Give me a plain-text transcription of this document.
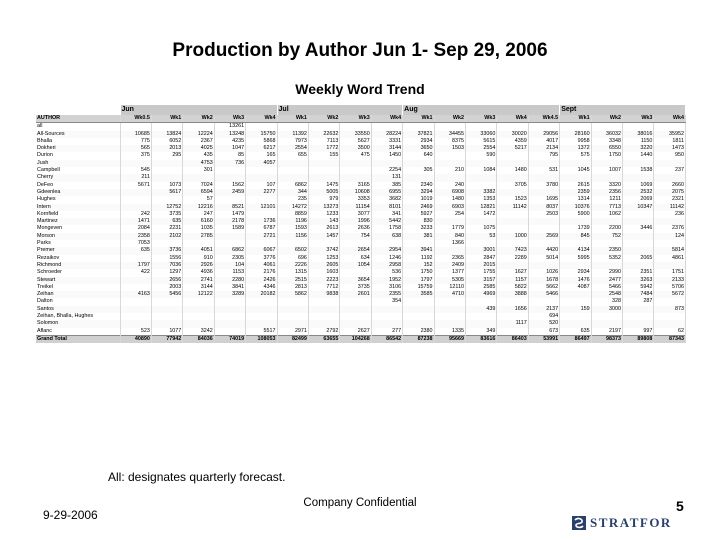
Production by Author Jun 1- Sep 29, 2006
Weekly Word Trend
	Jun					Jul				Aug					Sept			
AUTHOR	Wk0.5	Wk1	Wk2	Wk3	Wk4	Wk1	Wk2	Wk3	Wk4	Wk1	Wk2	Wk3	Wk4	Wk4.5	Wk1	Wk2	Wk3	Wk4
all				13261														
All-Sources	10685	13824	12224	13248	15750	11392	22632	33550	28224	37821	34455	33060	30020	29056	28160	36032	38016	35952
Bhalla	775	6052	2367	4235	5868	7973	7113	5627	3331	2934	8375	5615	4359	4017	9958	3348	1150	1811
Dokheri	565	2013	4025	1047	6217	2554	1772	3500	3144	3650	1503	2554	5217	2134	1372	6550	3220	1473
Durion	375	295	435	85	165	655	155	475	1450	640		590		795	575	1750	1440	950
Jush			4753	736	4057													
Campbell	545		301						2254	305	210	1084	1480	531	1045	1007	1538	237
Cherry	211								131									
DeFeo	5671	1073	7024	1562	107	6862	1475	3165	385	2340	240		3705	3780	2615	3320	1069	2660
Gdeenlea		5617	6594	2459	2277	344	5005	10608	6955	3294	6908	3382			2359	2356	2532	2075
Hughes			57			235	979	3353	3682	1019	1480	1353	1523	1695	1314	1211	2069	2321
Intern		12752	12216	8521	12101	14272	13273	11154	8101	2469	6903	12821	11142	8037	10376	7713	10347	11142
Kornfield	242	3735	247	1479		8859	1233	3077	341	5927	254	1472		2503	5900	1062		236
Martinez	1471	635	6160	2178	1736	1196	143	1996	5442	830								
Mongeven	2084	2231	1035	1589	6787	1593	2613	2636	1758	3233	1779	1075			1739	2200	3446	2376
Morson	2358	2102	2785		2721	1156	1457	754	638	381	840	53	1000	2569	845	752		124
Parks	7053										1366							
Premer	635	3736	4051	6862	6067	6502	3742	2654	2954	3941		3001	7423	4420	4134	2350		5814
Rezaikov		1556	910	2305	3776	696	1253	634	1246	1192	2365	2847	2289	5014	5995	5352	2065	4861
Richmond	1797	7036	2926	104	4061	2226	2605	1054	2958	152	2409	2015						
Schroeder	422	1297	4936	1153	2176	1315	1603		536	1750	1377	1755	1627	1026	2934	2990	2351	1751
Stewart		2656	2741	2280	2426	2515	2223	3654	1952	1797	5305	3157	1157	1678	1476	2477	3263	2133
Treikel		2003	3144	3841	4346	2813	7712	3735	3106	15759	12110	2585	5822	5662	4087	5466	5942	5706
Zeihan	4163	5456	12122	3289	20182	5862	9838	2601	2355	3585	4710	4969	3888	5466		2548	7484	5672
Dalton									354							328	287	
Santos												439	1656	2137	159	3000		873
Zeihan, Bhalla, Hughes														694				
Solomon													1117	520				
Aflanc	523	1077	3242		5517	2971	2792	2627	277	2380	1335	349		673	635	2197	997	62
Grand Total	40890	77942	84036	74019	108053	82499	63655	104268	86542	87238	95669	83616	86403	53991	86497	98373	89808	87343
All: designates quarterly forecast.
Company Confidential
9-29-2006
5
STRATFOR
